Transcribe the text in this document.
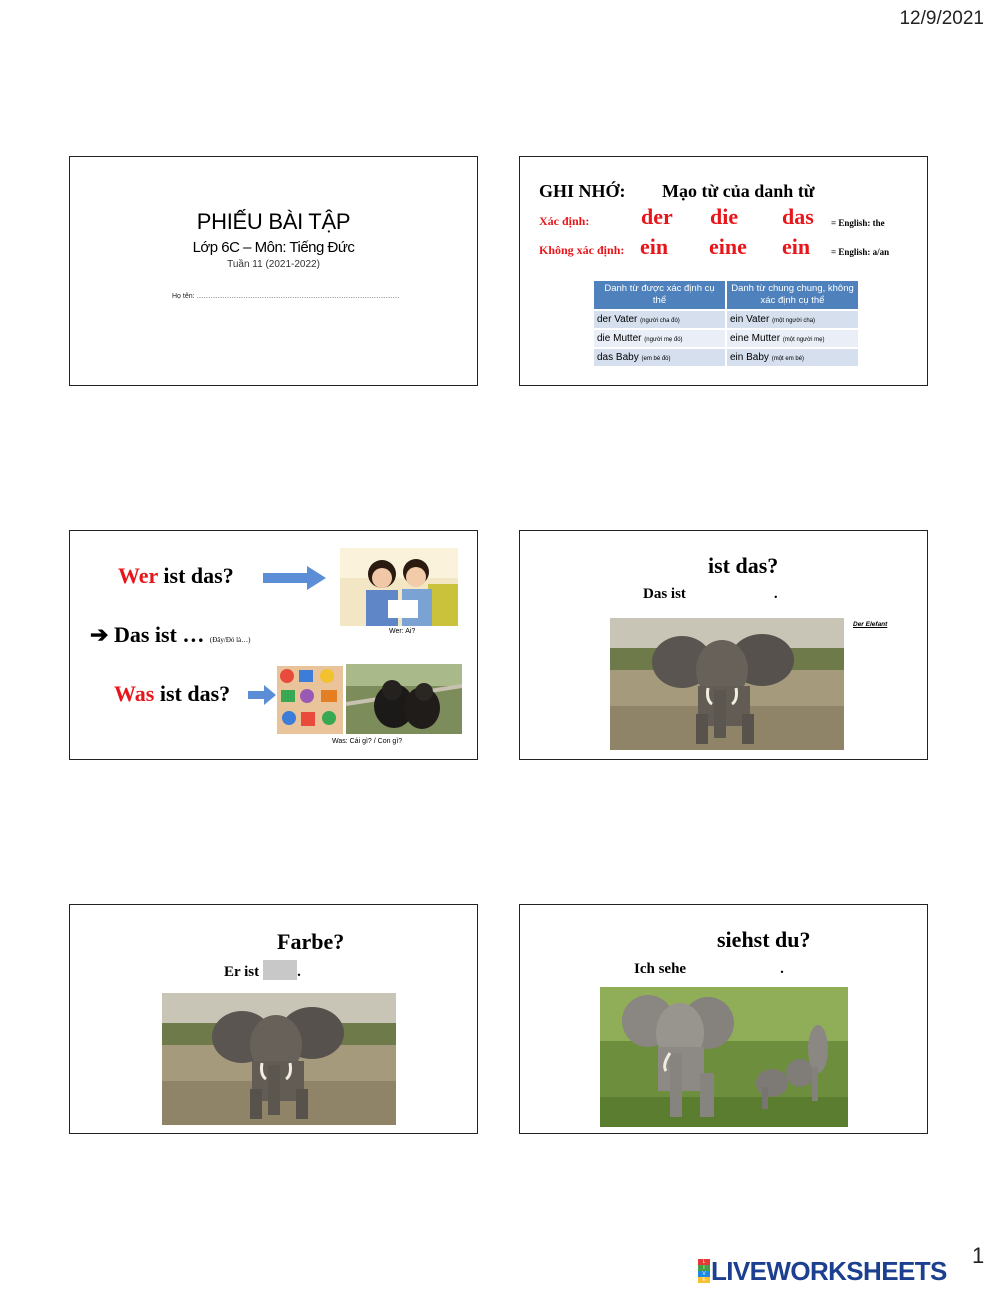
12/9/2021
PHIẾU BÀI TẬP
Lớp 6C – Môn: Tiếng Đức
Tuần 11 (2021-2022)
Họ tên: ……………………………………………………………………………
GHI NHỚ: Mạo từ của danh từ
Xác định: der die das = English: the
Không xác định: ein eine ein = English: a/an
Danh từ được xác định cụ thể	Danh từ chung chung, không xác định cụ thể
der Vater (người cha đó)	ein Vater (một người cha)
die Mutter (người mẹ đó)	eine Mutter (một người mẹ)
das Baby (em bé đó)	ein Baby (một em bé)
Wer ist das?
Wer: Ai?
➔ Das ist … (Đây/Đó là…)
Was ist das?
Was: Cái gì? / Con gì?
ist das?
Das ist	.
Der Elefant
Farbe?
Er ist	.
siehst du?
Ich sehe	.
L
I
V
E LIVEWORKSHEETS
1
